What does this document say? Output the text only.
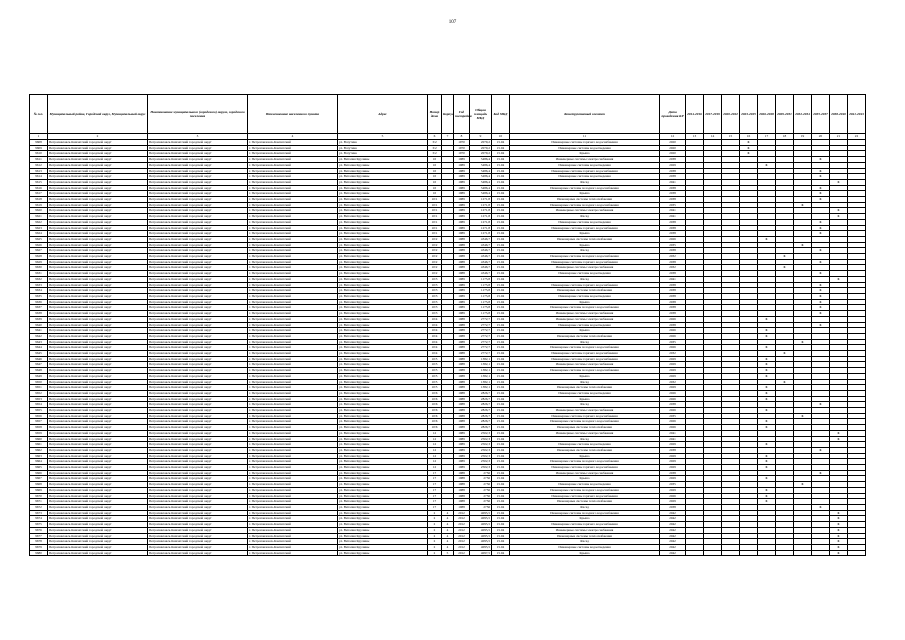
107
№ п.п.	Муниципальный район, Городской округ, Муниципальный округ	Наименование муниципального (городского) округа, городского поселения	Наименование населенного пункта	Адрес	Номер дома	Корпус	Год постройки	Общая площадь МКД	Код МКД	Конструктивный элемент	Дата проведения КР	2014-2016	2017-2019	2020-2022	2023-2025	2026-2028	2029-2031	2032-2034	2035-2037	2038-2040	2041-2043
1	2	3	4	5	6	7	8	9	10	11	12	13	14	15	16	17	18	19	20	21	22
9608	Петропавловск-Камчатский городской округ	Петропавловск-Камчатский городской округ	г. Петропавловск-Камчатский	ул. Ватутина	3/2		1970	2079,2	15.04	Инженерные системы горячего водоснабжения	2020				X						
9609	Петропавловск-Камчатский городской округ	Петропавловск-Камчатский городской округ	г. Петропавловск-Камчатский	ул. Ватутина	3/2		1970	2079,2	15.04	Инженерные системы водоотведения	2020				X						
9610	Петропавловск-Камчатский городской округ	Петропавловск-Камчатский городской округ	г. Петропавловск-Камчатский	ул. Ватутина	3/2		1970	2079,2	15.04	Крыша	2020				X						
9611	Петропавловск-Камчатский городской округ	Петропавловск-Камчатский городской округ	г. Петропавловск-Камчатский	ул. Виталия Кручины	10		1989	5486,4	15.04	Инженерные системы электроснабжения	2038								X		
9612	Петропавловск-Камчатский городской округ	Петропавловск-Камчатский городской округ	г. Петропавловск-Камчатский	ул. Виталия Кручины	10		1989	5486,4	15.04	Инженерные системы водоотведения	2029					X					
9613	Петропавловск-Камчатский городской округ	Петропавловск-Камчатский городской округ	г. Петропавловск-Камчатский	ул. Виталия Кручины	10		1989	5486,4	15.04	Инженерные системы горячего водоснабжения	2038								X		
9614	Петропавловск-Камчатский городской округ	Петропавловск-Камчатский городской округ	г. Петропавловск-Камчатский	ул. Виталия Кручины	10		1989	5486,4	15.04	Инженерные системы водоотведения	2038								X		
9615	Петропавловск-Камчатский городской округ	Петропавловск-Камчатский городской округ	г. Петропавловск-Камчатский	ул. Виталия Кручины	10		1989	5486,4	15.04	Фасад	2041									X	
9616	Петропавловск-Камчатский городской округ	Петропавловск-Камчатский городской округ	г. Петропавловск-Камчатский	ул. Виталия Кручины	10		1989	5486,4	15.04	Инженерные системы холодного водоснабжения	2038								X		
9617	Петропавловск-Камчатский городской округ	Петропавловск-Камчатский городской округ	г. Петропавловск-Камчатский	ул. Виталия Кручины	10		1989	5486,4	15.04	Крыша	2038								X		
9618	Петропавловск-Камчатский городской округ	Петропавловск-Камчатский городской округ	г. Петропавловск-Камчатский	ул. Виталия Кручины	10/1		1989	1271,8	15.04	Инженерные системы теплоснабжения	2038								X		
9619	Петропавловск-Камчатский городской округ	Петропавловск-Камчатский городской округ	г. Петропавловск-Камчатский	ул. Виталия Кручины	10/1		1989	1271,8	15.04	Инженерные системы холодного водоснабжения	2035							X			
9620	Петропавловск-Камчатский городской округ	Петропавловск-Камчатский городской округ	г. Петропавловск-Камчатский	ул. Виталия Кручины	10/1		1989	1271,8	15.04	Инженерные системы электроснабжения	2041									X	
9621	Петропавловск-Камчатский городской округ	Петропавловск-Камчатский городской округ	г. Петропавловск-Камчатский	ул. Виталия Кручины	10/1		1989	1271,8	15.04	Фасад	2041									X	
9622	Петропавловск-Камчатский городской округ	Петропавловск-Камчатский городской округ	г. Петропавловск-Камчатский	ул. Виталия Кручины	10/1		1989	1271,8	15.04	Инженерные системы водоотведения	2038								X		
9623	Петропавловск-Камчатский городской округ	Петропавловск-Камчатский городской округ	г. Петропавловск-Камчатский	ул. Виталия Кручины	10/1		1989	1271,8	15.04	Инженерные системы горячего водоснабжения	2038								X		
9624	Петропавловск-Камчатский городской округ	Петропавловск-Камчатский городской округ	г. Петропавловск-Камчатский	ул. Виталия Кручины	10/1		1989	1271,8	15.04	Крыша	2038								X		
9625	Петропавловск-Камчатский городской округ	Петропавловск-Камчатский городской округ	г. Петропавловск-Камчатский	ул. Виталия Кручины	10/2		1988	4346,7	15.04	Инженерные системы теплоснабжения	2026					X					
9626	Петропавловск-Камчатский городской округ	Петропавловск-Камчатский городской округ	г. Петропавловск-Камчатский	ул. Виталия Кручины	10/2		1988	4346,7	15.04	Крыша	2035							X			
9627	Петропавловск-Камчатский городской округ	Петропавловск-Камчатский городской округ	г. Петропавловск-Камчатский	ул. Виталия Кручины	10/2		1988	4346,7	15.04	Фасад	2038								X		
9628	Петропавловск-Камчатский городской округ	Петропавловск-Камчатский городской округ	г. Петропавловск-Камчатский	ул. Виталия Кручины	10/2		1988	4346,7	15.04	Инженерные системы холодного водоснабжения	2032						X				
9629	Петропавловск-Камчатский городской округ	Петропавловск-Камчатский городской округ	г. Петропавловск-Камчатский	ул. Виталия Кручины	10/2		1988	4346,7	15.04	Инженерные системы горячего водоснабжения	2038								X		
9630	Петропавловск-Камчатский городской округ	Петропавловск-Камчатский городской округ	г. Петропавловск-Камчатский	ул. Виталия Кручины	10/2		1988	4346,7	15.04	Инженерные системы электроснабжения	2032						X				
9631	Петропавловск-Камчатский городской округ	Петропавловск-Камчатский городской округ	г. Петропавловск-Камчатский	ул. Виталия Кручины	10/2		1988	4346,7	15.04	Инженерные системы водоотведения	2038								X		
9632	Петропавловск-Камчатский городской округ	Петропавловск-Камчатский городской округ	г. Петропавловск-Камчатский	ул. Виталия Кручины	10/3		1989	1175,8	15.04	Фасад	2041									X	
9633	Петропавловск-Камчатский городской округ	Петропавловск-Камчатский городской округ	г. Петропавловск-Камчатский	ул. Виталия Кручины	10/3		1989	1175,8	15.04	Инженерные системы горячего водоснабжения	2038								X		
9634	Петропавловск-Камчатский городской округ	Петропавловск-Камчатский городской округ	г. Петропавловск-Камчатский	ул. Виталия Кручины	10/3		1989	1175,8	15.04	Инженерные системы теплоснабжения	2038								X		
9635	Петропавловск-Камчатский городской округ	Петропавловск-Камчатский городской округ	г. Петропавловск-Камчатский	ул. Виталия Кручины	10/3		1989	1175,8	15.04	Инженерные системы водоотведения	2038								X		
9636	Петропавловск-Камчатский городской округ	Петропавловск-Камчатский городской округ	г. Петропавловск-Камчатский	ул. Виталия Кручины	10/3		1989	1175,8	15.04	Крыша	2038								X		
9637	Петропавловск-Камчатский городской округ	Петропавловск-Камчатский городской округ	г. Петропавловск-Камчатский	ул. Виталия Кручины	10/3		1989	1175,8	15.04	Инженерные системы холодного водоснабжения	2038								X		
9638	Петропавловск-Камчатский городской округ	Петропавловск-Камчатский городской округ	г. Петропавловск-Камчатский	ул. Виталия Кручины	10/3		1989	1175,8	15.04	Инженерные системы электроснабжения	2038								X		
9639	Петропавловск-Камчатский городской округ	Петропавловск-Камчатский городской округ	г. Петропавловск-Камчатский	ул. Виталия Кручины	10/4		1988	2772,7	15.04	Инженерные системы электроснабжения	2026					X					
9640	Петропавловск-Камчатский городской округ	Петропавловск-Камчатский городской округ	г. Петропавловск-Камчатский	ул. Виталия Кручины	10/4		1988	2772,7	15.04	Инженерные системы водоотведения	2038								X		
9641	Петропавловск-Камчатский городской округ	Петропавловск-Камчатский городской округ	г. Петропавловск-Камчатский	ул. Виталия Кручины	10/4		1988	2772,7	15.04	Крыша	2026					X					
9642	Петропавловск-Камчатский городской округ	Петропавловск-Камчатский городской округ	г. Петропавловск-Камчатский	ул. Виталия Кручины	10/4		1988	2772,7	15.04	Инженерные системы теплоснабжения	2026					X					
9643	Петропавловск-Камчатский городской округ	Петропавловск-Камчатский городской округ	г. Петропавловск-Камчатский	ул. Виталия Кручины	10/4		1988	2772,7	15.04	Фасад	2035							X			
9644	Петропавловск-Камчатский городской округ	Петропавловск-Камчатский городской округ	г. Петропавловск-Камчатский	ул. Виталия Кручины	10/4		1988	2772,7	15.04	Инженерные системы холодного водоснабжения	2026					X					
9645	Петропавловск-Камчатский городской округ	Петропавловск-Камчатский городской округ	г. Петропавловск-Камчатский	ул. Виталия Кручины	10/4		1988	2772,7	15.04	Инженерные системы горячего водоснабжения	2032						X				
9646	Петропавловск-Камчатский городской округ	Петропавловск-Камчатский городской округ	г. Петропавловск-Камчатский	ул. Виталия Кручины	10/5		1988	1382,1	15.04	Инженерные системы горячего водоснабжения	2029					X					
9647	Петропавловск-Камчатский городской округ	Петропавловск-Камчатский городской округ	г. Петропавловск-Камчатский	ул. Виталия Кручины	10/5		1988	1382,1	15.04	Инженерные системы электроснабжения	2029					X					
9648	Петропавловск-Камчатский городской округ	Петропавловск-Камчатский городской округ	г. Петропавловск-Камчатский	ул. Виталия Кручины	10/5		1988	1382,1	15.04	Инженерные системы холодного водоснабжения	2029					X					
9649	Петропавловск-Камчатский городской округ	Петропавловск-Камчатский городской округ	г. Петропавловск-Камчатский	ул. Виталия Кручины	10/5		1988	1382,1	15.04	Крыша	2029					X					
9650	Петропавловск-Камчатский городской округ	Петропавловск-Камчатский городской округ	г. Петропавловск-Камчатский	ул. Виталия Кручины	10/5		1988	1382,1	15.04	Фасад	2032						X				
9651	Петропавловск-Камчатский городской округ	Петропавловск-Камчатский городской округ	г. Петропавловск-Камчатский	ул. Виталия Кручины	10/5		1988	1382,1	15.04	Инженерные системы теплоснабжения	2029					X					
9652	Петропавловск-Камчатский городской округ	Петропавловск-Камчатский городской округ	г. Петропавловск-Камчатский	ул. Виталия Кручины	10/6		1988	2826,7	15.04	Инженерные системы водоотведения	2026					X					
9653	Петропавловск-Камчатский городской округ	Петропавловск-Камчатский городской округ	г. Петропавловск-Камчатский	ул. Виталия Кручины	10/6		1988	2826,7	15.04	Крыша	2026					X					
9654	Петропавловск-Камчатский городской округ	Петропавловск-Камчатский городской округ	г. Петропавловск-Камчатский	ул. Виталия Кручины	10/6		1988	2826,7	15.04	Фасад	2038								X		
9655	Петропавловск-Камчатский городской округ	Петропавловск-Камчатский городской округ	г. Петропавловск-Камчатский	ул. Виталия Кручины	10/6		1988	2826,7	15.04	Инженерные системы электроснабжения	2026					X					
9656	Петропавловск-Камчатский городской округ	Петропавловск-Камчатский городской округ	г. Петропавловск-Камчатский	ул. Виталия Кручины	10/6		1988	2826,7	15.04	Инженерные системы горячего водоснабжения	2035							X			
9657	Петропавловск-Камчатский городской округ	Петропавловск-Камчатский городской округ	г. Петропавловск-Камчатский	ул. Виталия Кручины	10/6		1988	2826,7	15.04	Инженерные системы холодного водоснабжения	2026					X					
9658	Петропавловск-Камчатский городской округ	Петропавловск-Камчатский городской округ	г. Петропавловск-Камчатский	ул. Виталия Кручины	10/6		1988	2826,7	15.04	Инженерные системы теплоснабжения	2026					X					
9659	Петропавловск-Камчатский городской округ	Петропавловск-Камчатский городской округ	г. Петропавловск-Камчатский	ул. Виталия Кручины	12		1989	2502,3	15.04	Инженерные системы электроснабжения	2041									X	
9660	Петропавловск-Камчатский городской округ	Петропавловск-Камчатский городской округ	г. Петропавловск-Камчатский	ул. Виталия Кручины	12		1989	2502,3	15.04	Фасад	2041									X	
9661	Петропавловск-Камчатский городской округ	Петропавловск-Камчатский городской округ	г. Петропавловск-Камчатский	ул. Виталия Кручины	12		1989	2502,3	15.04	Инженерные системы водоотведения	2029					X					
9662	Петропавловск-Камчатский городской округ	Петропавловск-Камчатский городской округ	г. Петропавловск-Камчатский	ул. Виталия Кручины	12		1989	2502,3	15.04	Инженерные системы теплоснабжения	2038								X		
9663	Петропавловск-Камчатский городской округ	Петропавловск-Камчатский городской округ	г. Петропавловск-Камчатский	ул. Виталия Кручины	12		1989	2502,3	15.04	Крыша	2029					X					
9664	Петропавловск-Камчатский городской округ	Петропавловск-Камчатский городской округ	г. Петропавловск-Камчатский	ул. Виталия Кручины	12		1989	2502,3	15.04	Инженерные системы холодного водоснабжения	2029					X					
9665	Петропавловск-Камчатский городской округ	Петропавловск-Камчатский городской округ	г. Петропавловск-Камчатский	ул. Виталия Кручины	12		1989	2502,3	15.04	Инженерные системы горячего водоснабжения	2029					X					
9666	Петропавловск-Камчатский городской округ	Петропавловск-Камчатский городской округ	г. Петропавловск-Камчатский	ул. Виталия Кручины	17		1988	2756	15.04	Инженерные системы электроснабжения	2038								X		
9667	Петропавловск-Камчатский городской округ	Петропавловск-Камчатский городской округ	г. Петропавловск-Камчатский	ул. Виталия Кручины	17		1988	2756	15.04	Крыша	2029					X					
9668	Петропавловск-Камчатский городской округ	Петропавловск-Камчатский городской округ	г. Петропавловск-Камчатский	ул. Виталия Кручины	17		1988	2756	15.04	Инженерные системы водоотведения	2035							X			
9669	Петропавловск-Камчатский городской округ	Петропавловск-Камчатский городской округ	г. Петропавловск-Камчатский	ул. Виталия Кручины	17		1988	2756	15.04	Инженерные системы холодного водоснабжения	2029					X					
9670	Петропавловск-Камчатский городской округ	Петропавловск-Камчатский городской округ	г. Петропавловск-Камчатский	ул. Виталия Кручины	17		1988	2756	15.04	Инженерные системы горячего водоснабжения	2026					X					
9671	Петропавловск-Камчатский городской округ	Петропавловск-Камчатский городской округ	г. Петропавловск-Камчатский	ул. Виталия Кручины	17		1988	2756	15.04	Инженерные системы теплоснабжения	2029					X					
9672	Петропавловск-Камчатский городской округ	Петропавловск-Камчатский городской округ	г. Петропавловск-Камчатский	ул. Виталия Кручины	17		1988	2756	15.04	Фасад	2038								X		
9673	Петропавловск-Камчатский городской округ	Петропавловск-Камчатский городской округ	г. Петропавловск-Камчатский	ул. Виталия Кручины	2	4	2012	4095,5	15.04	Инженерные системы холодного водоснабжения	2042									X	
9674	Петропавловск-Камчатский городской округ	Петропавловск-Камчатский городской округ	г. Петропавловск-Камчатский	ул. Виталия Кручины	2	4	2012	4095,5	15.04	Крыша	2042									X	
9675	Петропавловск-Камчатский городской округ	Петропавловск-Камчатский городской округ	г. Петропавловск-Камчатский	ул. Виталия Кручины	2	4	2012	4095,5	15.04	Инженерные системы горячего водоснабжения	2042									X	
9676	Петропавловск-Камчатский городской округ	Петропавловск-Камчатский городской округ	г. Петропавловск-Камчатский	ул. Виталия Кручины	2	4	2012	4095,5	15.04	Инженерные системы электроснабжения	2042									X	
9677	Петропавловск-Камчатский городской округ	Петропавловск-Камчатский городской округ	г. Петропавловск-Камчатский	ул. Виталия Кручины	2	4	2012	4095,5	15.04	Инженерные системы теплоснабжения	2042									X	
9678	Петропавловск-Камчатский городской округ	Петропавловск-Камчатский городской округ	г. Петропавловск-Камчатский	ул. Виталия Кручины	2	4	2012	4095,5	15.04	Фасад	2042									X	
9679	Петропавловск-Камчатский городской округ	Петропавловск-Камчатский городской округ	г. Петропавловск-Камчатский	ул. Виталия Кручины	2	4	2012	4095,5	15.04	Инженерные системы водоотведения	2042									X	
9680	Петропавловск-Камчатский городской округ	Петропавловск-Камчатский городской округ	г. Петропавловск-Камчатский	ул. Виталия Кручины	2	5	2012	4097,5	15.04	Крыша	2042									X	
